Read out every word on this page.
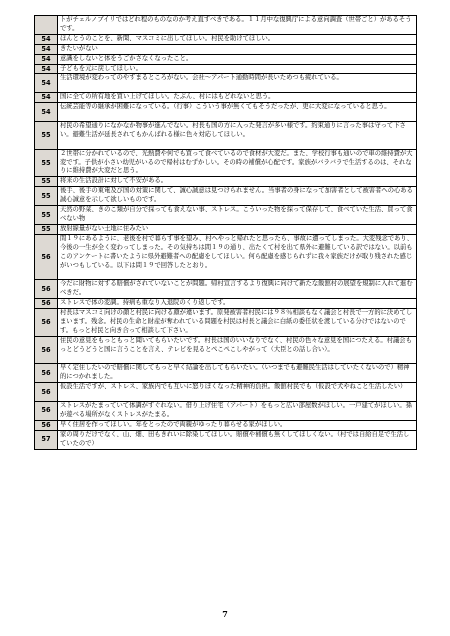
	トがチェルノブイリではどれ程のものなのか考え直すべきである。１１月中な復興庁による意向調査（世帯ごと）があるそうです。
54	ほんとうのことを、新聞、マスコミに出してほしい。村民を助けてほしい。
54	きたいがない
54	意識をしないと体をうごかさなくなったこと。
54	子どもを元に戻してほしい。
54	生活環境が変わってのやすまるところがない。会社～アパート通勤時間が長いためつも疲れている。
54	国に全ての所有地を買い上げてほしい。たぶん、村にはもどれないと思う。
54	伝統芸能等の継承が困難になっている。（行事）こういう事が無くてもそうだったが、更に大変になっていると思う。
55	村民の希望通りになかなか物事が進んでない。村長も国の方に入った発言が多い様です。約束通りに言った事は守って下さい。避難生活が延長されてもかんばれる様に色々対応してほしい。
55	２世帯に分かれているので、光熱費や何でも買って食べているので食材が大変だ。また、学校行事も通いので車の維持費が大変です。子供が小さい幼児がいるので帰村はむずかしい。その時の補償が心配です。家族がバラバラで生活するのは、それなりに維持費が大変だと思う。
55	将来の生活設計に対して不安がある。
55	後手、後手の東電及び国の対策に関して、誠心誠意は見つけられません。当事者の身になって加害者として被害者への心ある誠心誠意を示して欲しいものです。
55	天然の野菜、きのこ類が自分で採っても食えない事、ストレス。こういった物を採って保存して、食べていた生活、買って食べない物
55	放射線量がない土地に住みたい
56	間１９にあるように、老後を村で暮らす事を望み、村へやっと帰れたと思ったら、事故に遭ってしまった。大変残念であり、今後の一生が全く変わってしまった。その気持ちは間１９の通り、出たくて村を出て県外に避難している訳ではない。以前もこのアンケートに書いたように県外避難者への配慮をしてほしい。何ら配慮を感じられずに我々家族だけが取り残された感じがいつもしている。以下は問１９で回答したとおり。
56	今だに財物に対する賠償がされていないことが問題。帰村宣言するより復興に向けて新たな飯舘村の展望を規制に入れて進むべきだ。
56	ストレスで体の変調。持病も重なり入退院のくり返しです。
56	村長はマスコミ向けの顔と村民に向ける顔が違います。原発被害者村民には９８％相談もなく議会と村長で一方的に決めてしまいます。残念。村民の生命と財産が奪われている問題を村民は村長と議会に白紙の委任状を渡している分けではないのです。もっと村民と向き合って相談して下さい。
56	住民の意見をもっともっと聞いてもらいたいです。村長は国のいいなりでなく、村民の色々な意見を国につたえる。村議会もっとどうどうと国に言うことを言え、テレビを見るとぺこぺこしやがって（大臣との話し合い）。
56	早く定住したいので賠償に関してもっと早く結論を出してもらいたい。（いつまでも避難民生活はしていたくないので）精神的につかれました。
56	仮設生活ですが、ストレス、家族内でも互いに怒りぽくなった精神的負担。飯舘村民でも（仮設で犬やねこと生活したい）
56	ストレスがたまっていて体調がすぐれない。借り上げ住宅（アパート）をもっと広い部屋数がほしい。一戸建てがほしい。孫が遊べる場所がなくストレスがたまる。
56	早く住居を作ってほしい。年をとったので両親がゆったり暮らせる家がほしい。
57	家の周りだけでなく、山、畑、田もきれいに除染してほしい。賠償や補償も無くしてほしくない。（村では自給自足で生活していたので）
7
